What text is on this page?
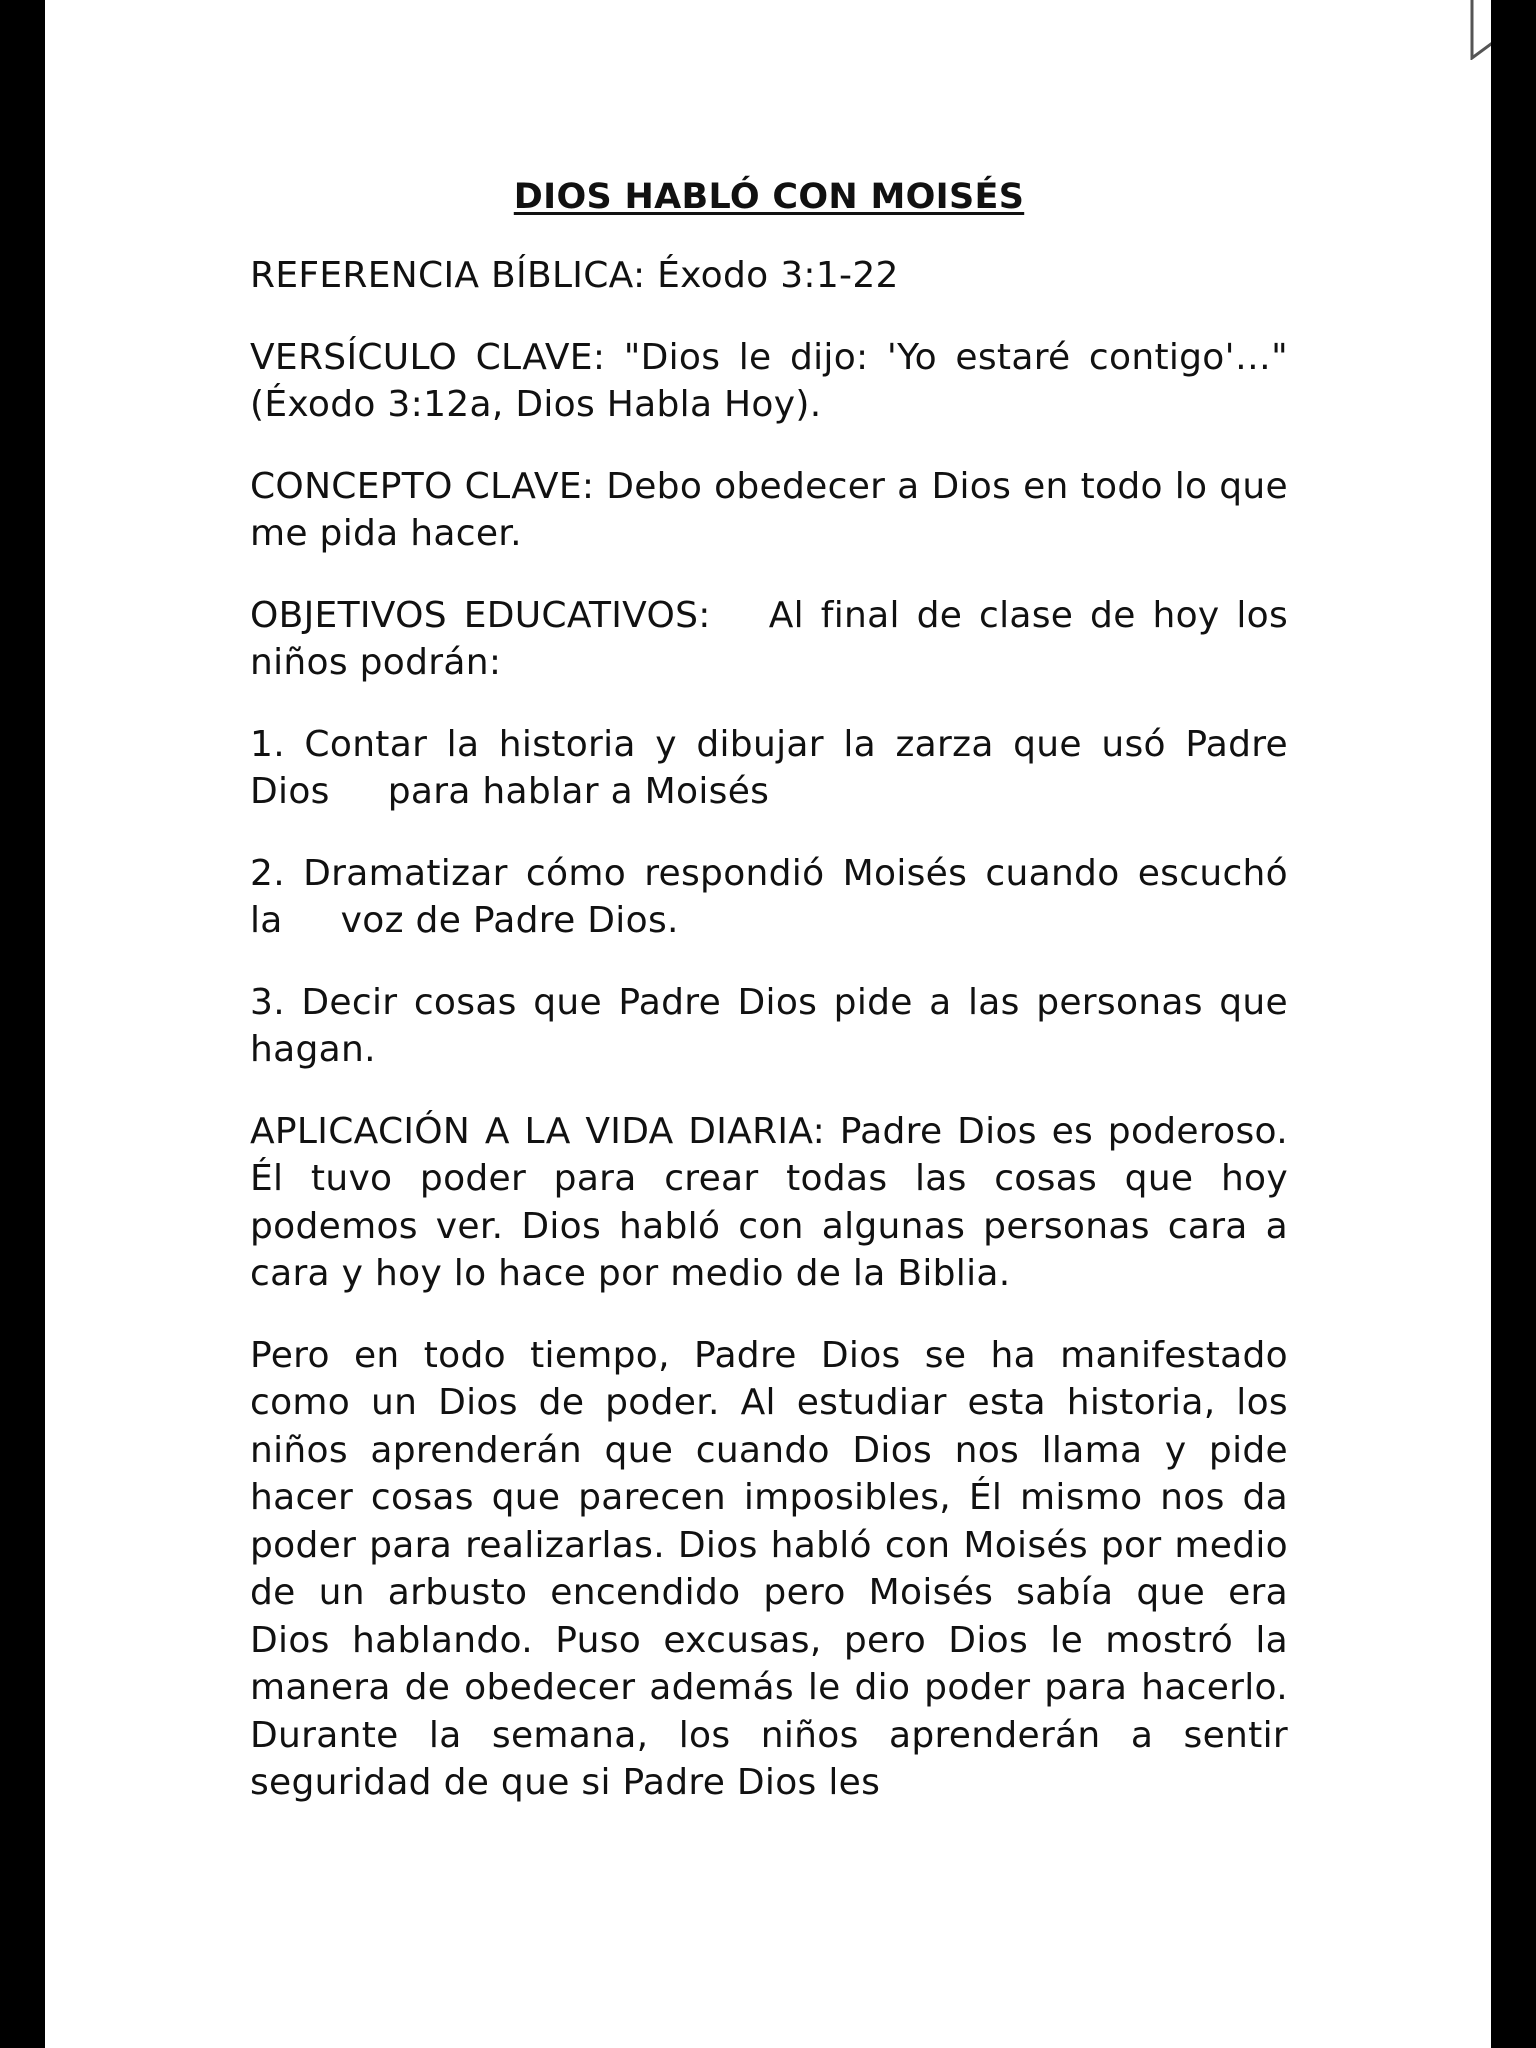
DIOS HABLÓ CON MOISÉS
REFERENCIA BÍBLICA: Éxodo 3:1-22
VERSÍCULO CLAVE: "Dios le dijo: 'Yo estaré contigo'…" (Éxodo 3:12a, Dios Habla Hoy).
CONCEPTO CLAVE: Debo obedecer a Dios en todo lo que me pida hacer.
OBJETIVOS EDUCATIVOS: Al final de clase de hoy los niños podrán:
1. Contar la historia y dibujar la zarza que usó Padre Dios para hablar a Moisés
2. Dramatizar cómo respondió Moisés cuando escuchó la voz de Padre Dios.
3. Decir cosas que Padre Dios pide a las personas que hagan.
APLICACIÓN A LA VIDA DIARIA: Padre Dios es poderoso. Él tuvo poder para crear todas las cosas que hoy podemos ver. Dios habló con algunas personas cara a cara y hoy lo hace por medio de la Biblia.
Pero en todo tiempo, Padre Dios se ha manifestado como un Dios de poder. Al estudiar esta historia, los niños aprenderán que cuando Dios nos llama y pide hacer cosas que parecen imposibles, Él mismo nos da poder para realizarlas. Dios habló con Moisés por medio de un arbusto encendido pero Moisés sabía que era Dios hablando. Puso excusas, pero Dios le mostró la manera de obedecer además le dio poder para hacerlo. Durante la semana, los niños aprenderán a sentir seguridad de que si Padre Dios les
